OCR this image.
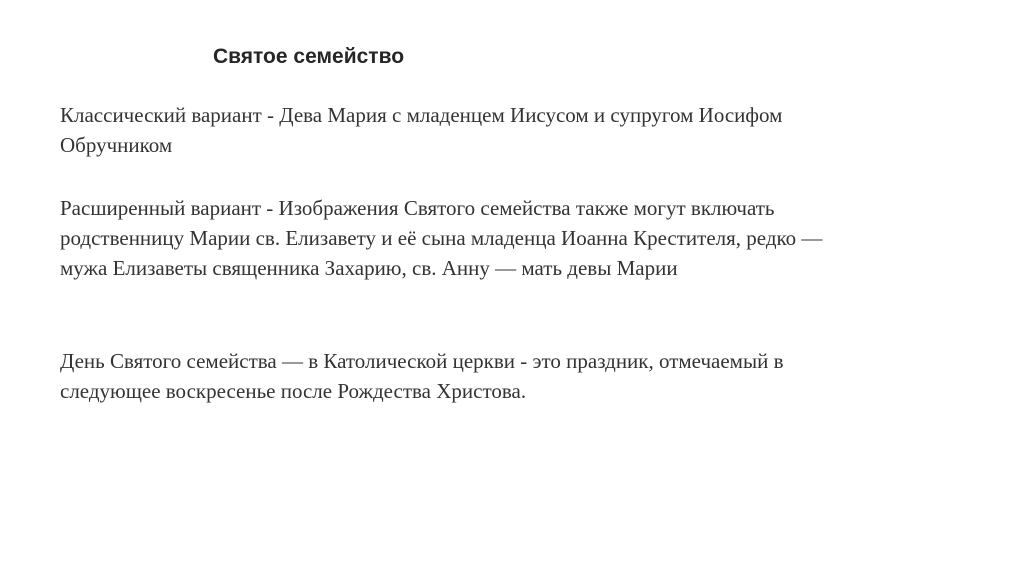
Святое семейство

Классический вариант - Дева Мария с младенцем Иисусом и супругом Иосифом
Обручником

Расширенный вариант - Изображения Святого семейства также могут включать
родственницу Марии св. Елизавету и её сына младенца Иоанна Крестителя, редко —
мужа Елизаветы священника Захарию, св. Анну — мать девы Марии

День Святого семейства — в Католической церкви - это праздник, отмечаемый в
следующее воскресенье после Рождества Христова.
